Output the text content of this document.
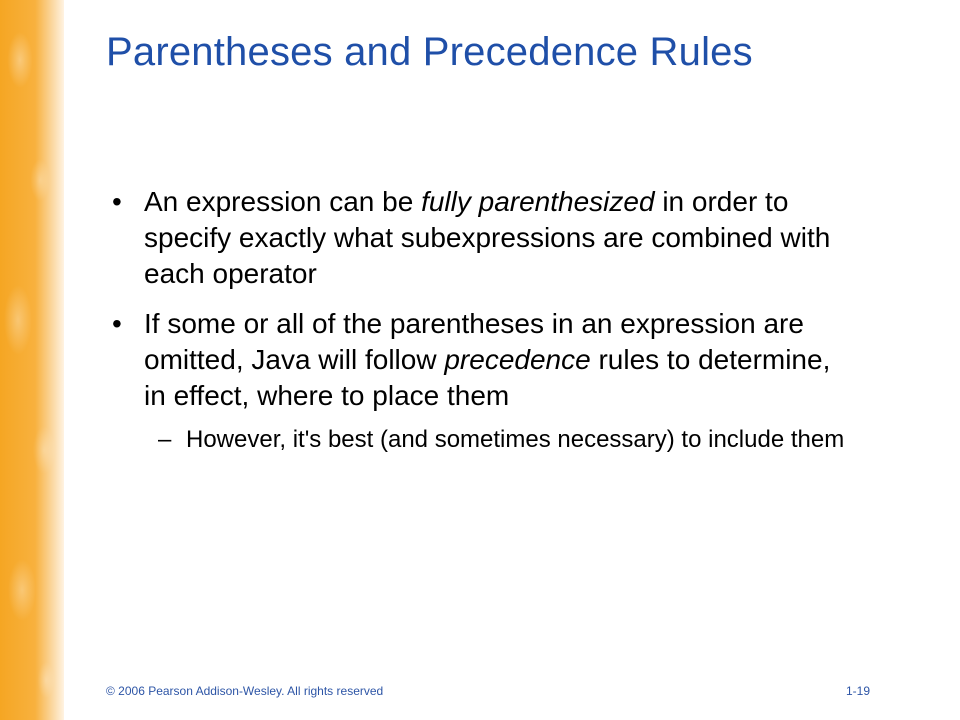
Parentheses and Precedence Rules
• An expression can be fully parenthesized in order to specify exactly what subexpressions are combined with each operator
• If some or all of the parentheses in an expression are omitted, Java will follow precedence rules to determine, in effect, where to place them
– However, it's best (and sometimes necessary) to include them
© 2006 Pearson Addison-Wesley. All rights reserved	1-19
